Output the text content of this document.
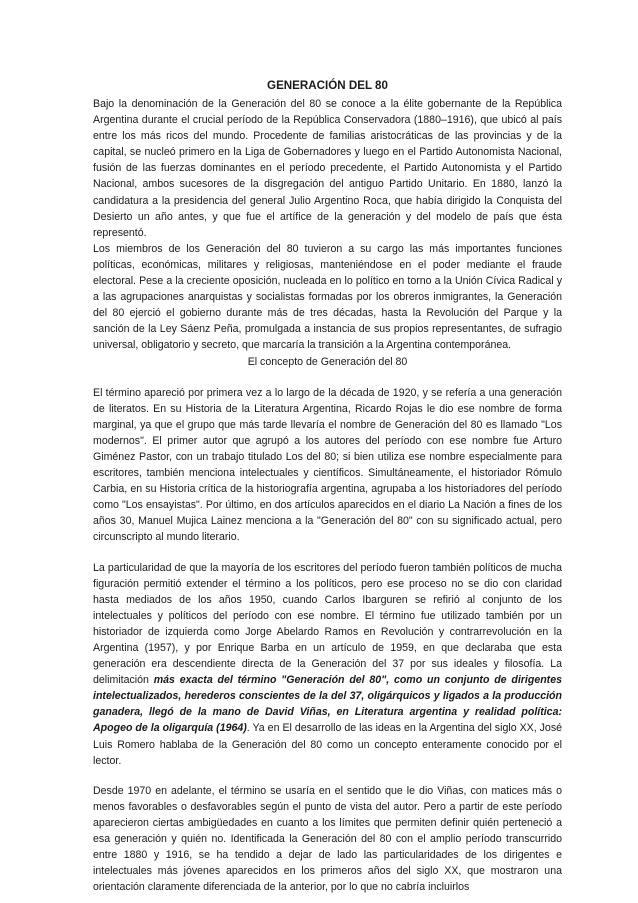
GENERACIÓN DEL 80

Bajo la denominación de la Generación del 80 se conoce a la élite gobernante de la República Argentina durante el crucial período de la República Conservadora (1880–1916), que ubicó al país entre los más ricos del mundo. Procedente de familias aristocráticas de las provincias y de la capital, se nucleó primero en la Liga de Gobernadores y luego en el Partido Autonomista Nacional, fusión de las fuerzas dominantes en el período precedente, el Partido Autonomista y el Partido Nacional, ambos sucesores de la disgregación del antiguo Partido Unitario. En 1880, lanzó la candidatura a la presidencia del general Julio Argentino Roca, que había dirigido la Conquista del Desierto un año antes, y que fue el artífice de la generación y del modelo de país que ésta representó.

Los miembros de los Generación del 80 tuvieron a su cargo las más importantes funciones políticas, económicas, militares y religiosas, manteniéndose en el poder mediante el fraude electoral. Pese a la creciente oposición, nucleada en lo político en torno a la Unión Cívica Radical y a las agrupaciones anarquistas y socialistas formadas por los obreros inmigrantes, la Generación del 80 ejerció el gobierno durante más de tres décadas, hasta la Revolución del Parque y la sanción de la Ley Sáenz Peña, promulgada a instancia de sus propios representantes, de sufragio universal, obligatorio y secreto, que marcaría la transición a la Argentina contemporánea.

El concepto de Generación del 80

El término apareció por primera vez a lo largo de la década de 1920, y se refería a una generación de literatos. En su Historia de la Literatura Argentina, Ricardo Rojas le dio ese nombre de forma marginal, ya que el grupo que más tarde llevaría el nombre de Generación del 80 es llamado "Los modernos". El primer autor que agrupó a los autores del período con ese nombre fue Arturo Giménez Pastor, con un trabajo titulado Los del 80; si bien utiliza ese nombre especialmente para escritores, también menciona intelectuales y científicos. Simultáneamente, el historiador Rómulo Carbia, en su Historia crítica de la historiografía argentina, agrupaba a los historiadores del período como "Los ensayistas". Por último, en dos artículos aparecidos en el diario La Nación a fines de los años 30, Manuel Mujica Lainez menciona a la "Generación del 80" con su significado actual, pero circunscripto al mundo literario.

La particularidad de que la mayoría de los escritores del período fueron también políticos de mucha figuración permitió extender el término a los políticos, pero ese proceso no se dio con claridad hasta mediados de los años 1950, cuando Carlos Ibarguren se refirió al conjunto de los intelectuales y políticos del período con ese nombre. El término fue utilizado también por un historiador de izquierda como Jorge Abelardo Ramos en Revolución y contrarrevolución en la Argentina (1957), y por Enrique Barba en un artículo de 1959, en que declaraba que esta generación era descendiente directa de la Generación del 37 por sus ideales y filosofía. La delimitación más exacta del término "Generación del 80", como un conjunto de dirigentes intelectualizados, herederos conscientes de la del 37, oligárquicos y ligados a la producción ganadera, llegó de la mano de David Viñas, en Literatura argentina y realidad política: Apogeo de la oligarquía (1964). Ya en El desarrollo de las ideas en la Argentina del siglo XX, José Luis Romero hablaba de la Generación del 80 como un concepto enteramente conocido por el lector.

Desde 1970 en adelante, el término se usaría en el sentido que le dio Viñas, con matices más o menos favorables o desfavorables según el punto de vista del autor. Pero a partir de este período aparecieron ciertas ambigüedades en cuanto a los límites que permiten definir quién perteneció a esa generación y quién no. Identificada la Generación del 80 con el amplio período transcurrido entre 1880 y 1916, se ha tendido a dejar de lado las particularidades de los dirigentes e intelectuales más jóvenes aparecidos en los primeros años del siglo XX, que mostraron una orientación claramente diferenciada de la anterior, por lo que no cabría incluirlos
